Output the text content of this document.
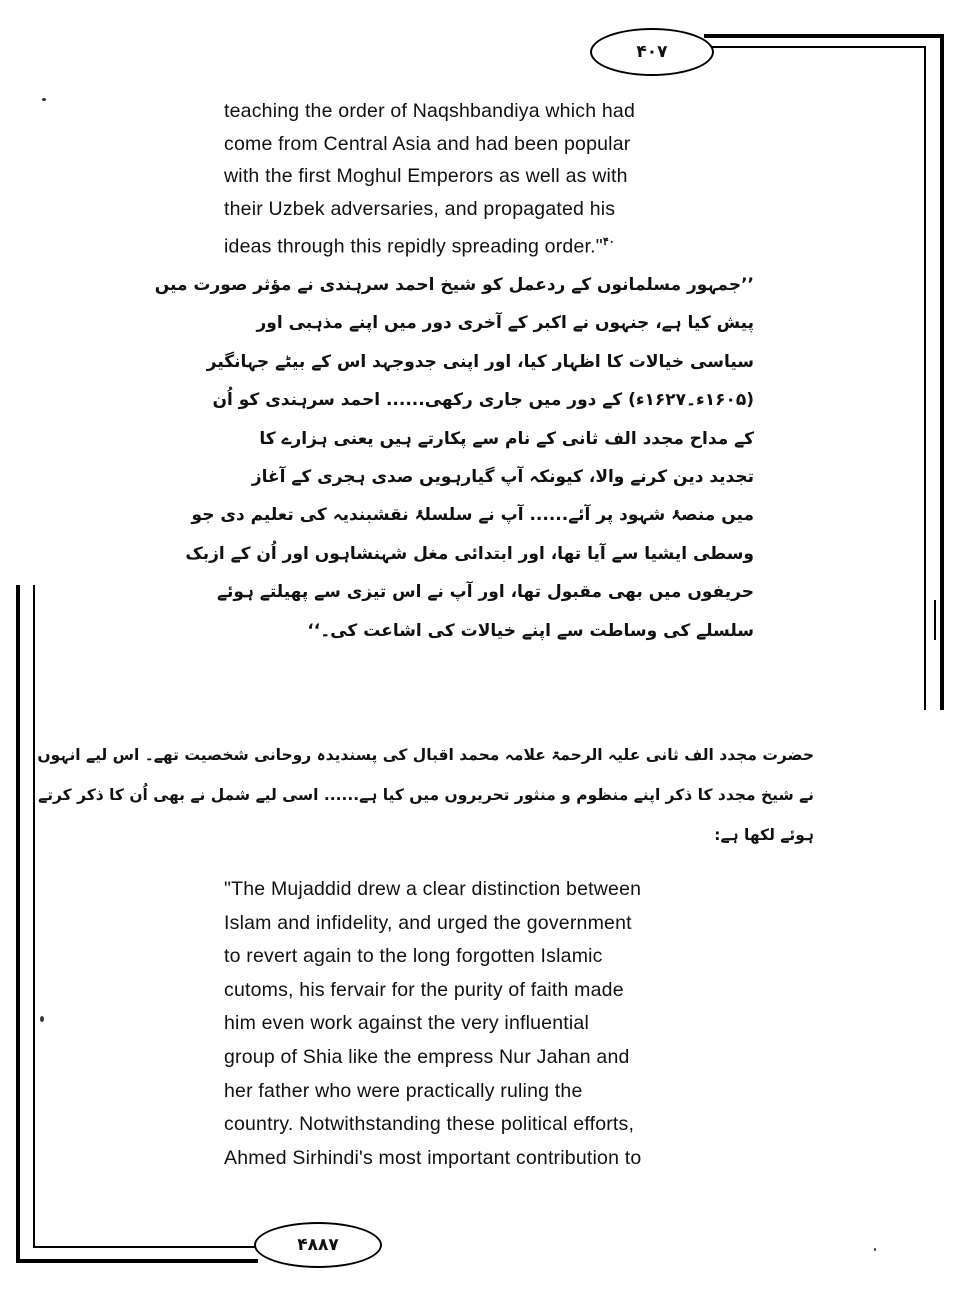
۴۰۷
۴۸۸۷
teaching the order of Naqshbandiya which had
come from Central Asia and had been popular
with the first Moghul Emperors as well as with
their Uzbek adversaries, and propagated his
ideas through this repidly spreading order."$^{۴۰}$
’’جمہور مسلمانوں کے ردعمل کو شیخ احمد سرہندی نے مؤثر صورت میں
پیش کیا ہے، جنہوں نے اکبر کے آخری دور میں اپنے مذہبی اور
سیاسی خیالات کا اظہار کیا، اور اپنی جدوجہد اس کے بیٹے جہانگیر
(۱۶۰۵ء۔۱۶۲۷ء) کے دور میں جاری رکھی...... احمد سرہندی کو اُن
کے مداح مجدد الف ثانی کے نام سے پکارتے ہیں یعنی ہزارے کا
تجدید دین کرنے والا، کیونکہ آپ گیارہویں صدی ہجری کے آغاز
میں منصۂ شہود پر آئے...... آپ نے سلسلۂ نقشبندیہ کی تعلیم دی جو
وسطی ایشیا سے آیا تھا، اور ابتدائی مغل شہنشاہوں اور اُن کے ازبک
حریفوں میں بھی مقبول تھا، اور آپ نے اس تیزی سے پھیلتے ہوئے
سلسلے کی وساطت سے اپنے خیالات کی اشاعت کی۔‘‘
حضرت مجدد الف ثانی علیہ الرحمۃ علامہ محمد اقبال کی پسندیدہ روحانی شخصیت تھے۔ اس لیے انہوں
نے شیخ مجدد کا ذکر اپنے منظوم و منثور تحریروں میں کیا ہے...... اسی لیے شمل نے بھی اُن کا ذکر کرتے
ہوئے لکھا ہے:
"The Mujaddid drew a clear distinction between
Islam and infidelity, and urged the government
to revert again to the long forgotten Islamic
cutoms, his fervair for the purity of faith made
him even work against the very influential
group of Shia like the empress Nur Jahan and
her father who were practically ruling the
country. Notwithstanding these political efforts,
Ahmed Sirhindi's most important contribution to
